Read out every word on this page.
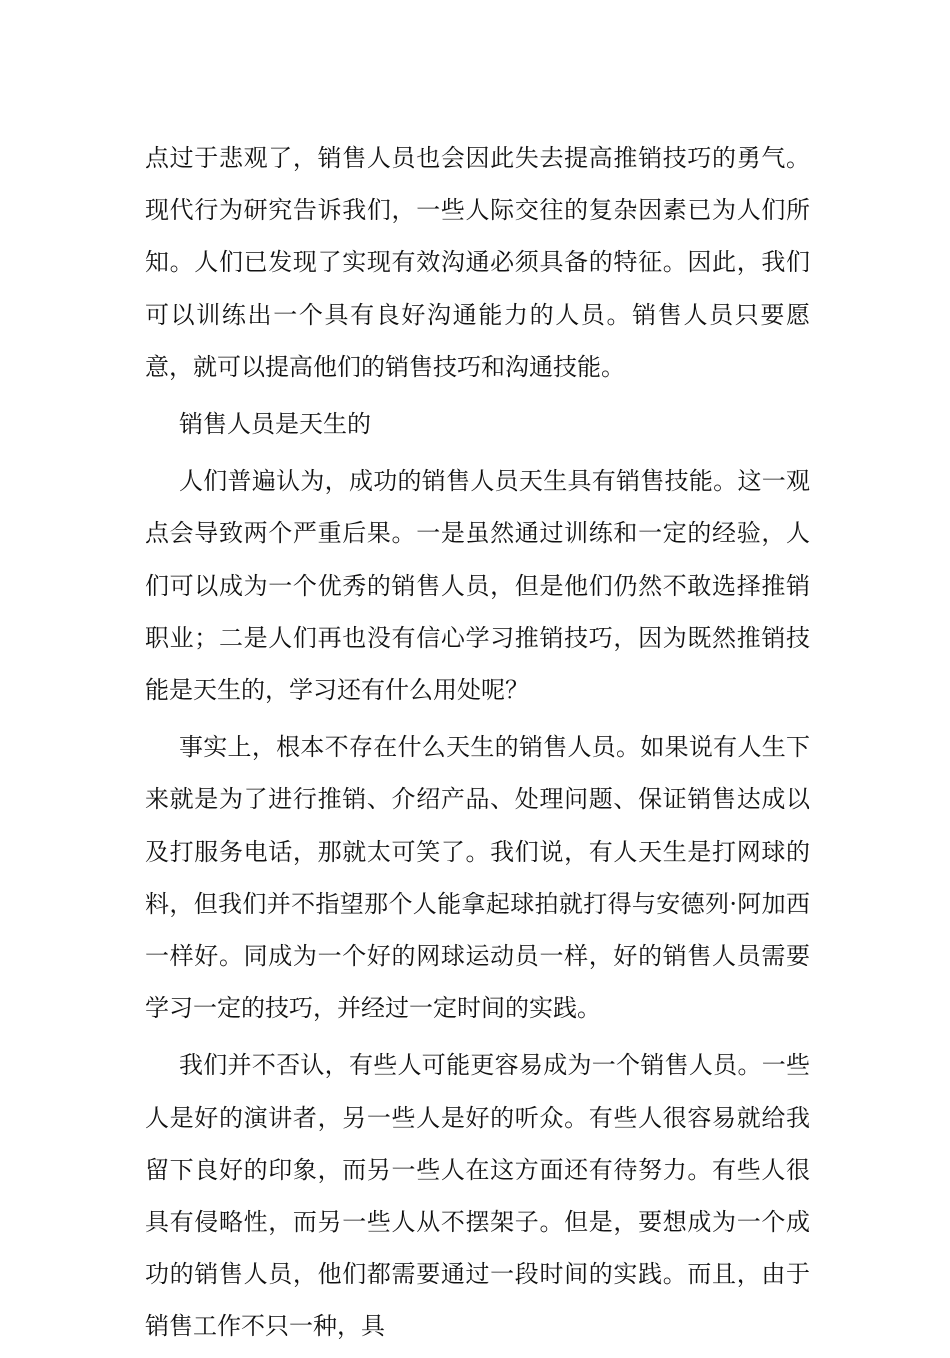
点过于悲观了，销售人员也会因此失去提高推销技巧的勇气。现代行为研究告诉我们，一些人际交往的复杂因素已为人们所知。人们已发现了实现有效沟通必须具备的特征。因此，我们可以训练出一个具有良好沟通能力的人员。销售人员只要愿意，就可以提高他们的销售技巧和沟通技能。

销售人员是天生的

人们普遍认为，成功的销售人员天生具有销售技能。这一观点会导致两个严重后果。一是虽然通过训练和一定的经验，人们可以成为一个优秀的销售人员，但是他们仍然不敢选择推销职业；二是人们再也没有信心学习推销技巧，因为既然推销技能是天生的，学习还有什么用处呢？

事实上，根本不存在什么天生的销售人员。如果说有人生下来就是为了进行推销、介绍产品、处理问题、保证销售达成以及打服务电话，那就太可笑了。我们说，有人天生是打网球的料，但我们并不指望那个人能拿起球拍就打得与安德列·阿加西一样好。同成为一个好的网球运动员一样，好的销售人员需要学习一定的技巧，并经过一定时间的实践。

我们并不否认，有些人可能更容易成为一个销售人员。一些人是好的演讲者，另一些人是好的听众。有些人很容易就给我留下良好的印象，而另一些人在这方面还有待努力。有些人很具有侵略性，而另一些人从不摆架子。但是，要想成为一个成功的销售人员，他们都需要通过一段时间的实践。而且，由于销售工作不只一种，具
